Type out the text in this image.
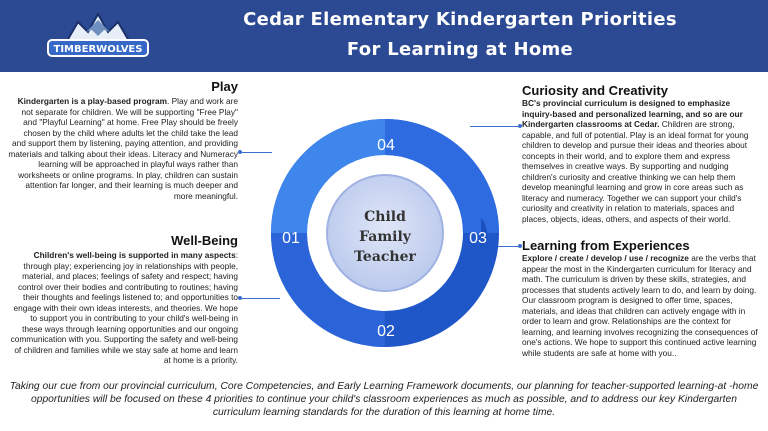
TIMBERWOLVES
Cedar Elementary Kindergarten Priorities
For Learning at Home
Play
Kindergarten is a play-based program. Play and work are not separate for children. We will be supporting "Free Play" and "Playful Learning" at home. Free Play should be freely chosen by the child where adults let the child take the lead and support them by listening, paying attention, and providing materials and talking about their ideas. Literacy and Numeracy learning will be approached in playful ways rather than worksheets or online programs. In play, children can sustain attention far longer, and their learning is much deeper and more meaningful.
Well-Being
Children's well-being is supported in many aspects: through play; experiencing joy in relationships with people, material, and places; feelings of safety and respect; having control over their bodies and contributing to routines; having their thoughts and feelings listened to; and opportunities to engage with their own ideas interests, and theories. We hope to support you in contributing to your child's well-being in these ways through learning opportunities and our ongoing communication with you. Supporting the safety and well-being of children and families while we stay safe at home and learn at home is a priority.
Curiosity and Creativity
BC's provincial curriculum is designed to emphasize inquiry-based and personalized learning, and so are our Kindergarten classrooms at Cedar. Children are strong, capable, and full of potential. Play is an ideal format for young children to develop and pursue their ideas and theories about concepts in their world, and to explore them and express themselves in creative ways. By supporting and nudging children's curiosity and creative thinking we can help them develop meaningful learning and grow in core areas such as literacy and numeracy. Together we can support your child's curiosity and creativity in relation to materials, spaces and places, objects, ideas, others, and aspects of their world.
Learning from Experiences
Explore / create / develop / use / recognize are the verbs that appear the most in the Kindergarten curriculum for literacy and math. The curriculum is driven by these skills, strategies, and processes that students actively learn to do, and learn by doing. Our classroom program is designed to offer time, spaces, materials, and ideas that children can actively engage with in order to learn and grow. Relationships are the context for learning, and learning involves recognizing the consequences of one's actions. We hope to support this continued active learning while students are safe at home with you..
Child
Family
Teacher
04
01	03
02
Taking our cue from our provincial curriculum, Core Competencies, and Early Learning Framework documents, our planning for teacher-supported learning-at -home opportunities will be focused on these 4 priorities to continue your child's classroom experiences as much as possible, and to address our key Kindergarten curriculum learning standards for the duration of this learning at home time.
